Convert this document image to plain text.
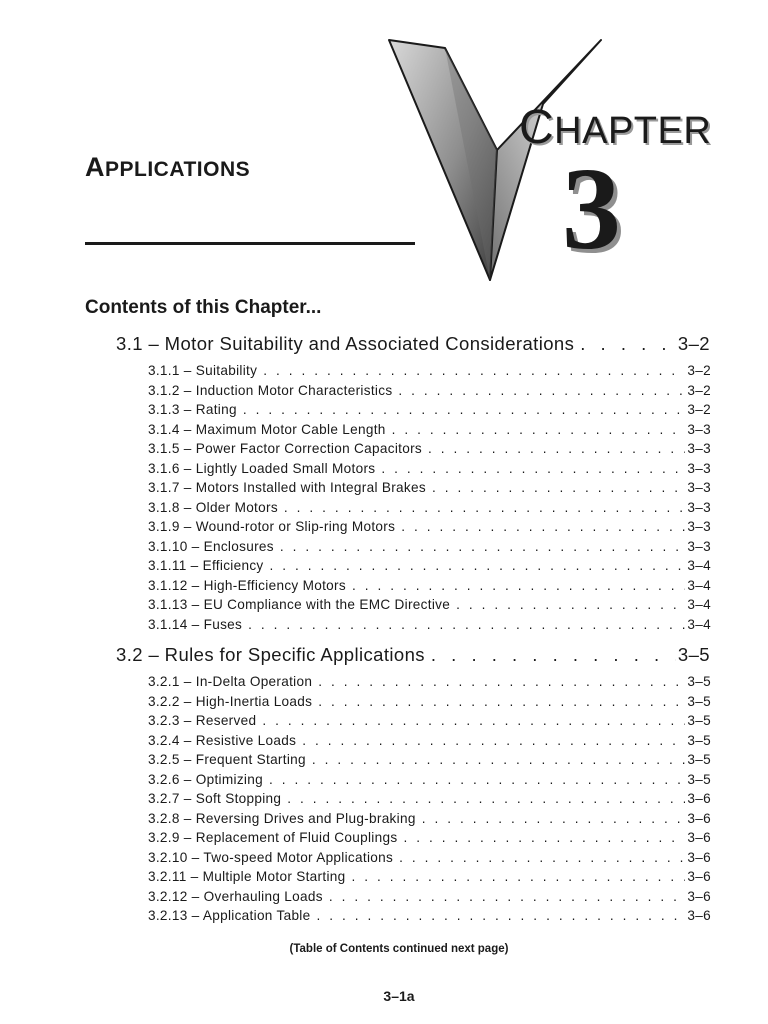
APPLICATIONS
CHAPTER
3
Contents of this Chapter...
3.1 – Motor Suitability and Associated Considerations . . .	3–2
3.1.1 – Suitability . . .	3–2
3.1.2 – Induction Motor Characteristics . . .	3–2
3.1.3 – Rating . . .	3–2
3.1.4 – Maximum Motor Cable Length . . .	3–3
3.1.5 – Power Factor Correction Capacitors . . .	3–3
3.1.6 – Lightly Loaded Small Motors . . .	3–3
3.1.7 – Motors Installed with Integral Brakes . . .	3–3
3.1.8 – Older Motors . . .	3–3
3.1.9 – Wound-rotor or Slip-ring Motors . . .	3–3
3.1.10 – Enclosures . . .	3–3
3.1.11 – Efficiency . . .	3–4
3.1.12 – High-Efficiency Motors . . .	3–4
3.1.13 – EU Compliance with the EMC Directive . . .	3–4
3.1.14 – Fuses . . .	3–4
3.2 – Rules for Specific Applications . . .	3–5
3.2.1 – In-Delta Operation . . .	3–5
3.2.2 – High-Inertia Loads . . .	3–5
3.2.3 – Reserved . . .	3–5
3.2.4 – Resistive Loads . . .	3–5
3.2.5 – Frequent Starting . . .	3–5
3.2.6 – Optimizing . . .	3–5
3.2.7 – Soft Stopping . . .	3–6
3.2.8 – Reversing Drives and Plug-braking . . .	3–6
3.2.9 – Replacement of Fluid Couplings . . .	3–6
3.2.10 – Two-speed Motor Applications . . .	3–6
3.2.11 – Multiple Motor Starting . . .	3–6
3.2.12 – Overhauling Loads . . .	3–6
3.2.13 – Application Table . . .	3–6
(Table of Contents continued next page)
3–1a
